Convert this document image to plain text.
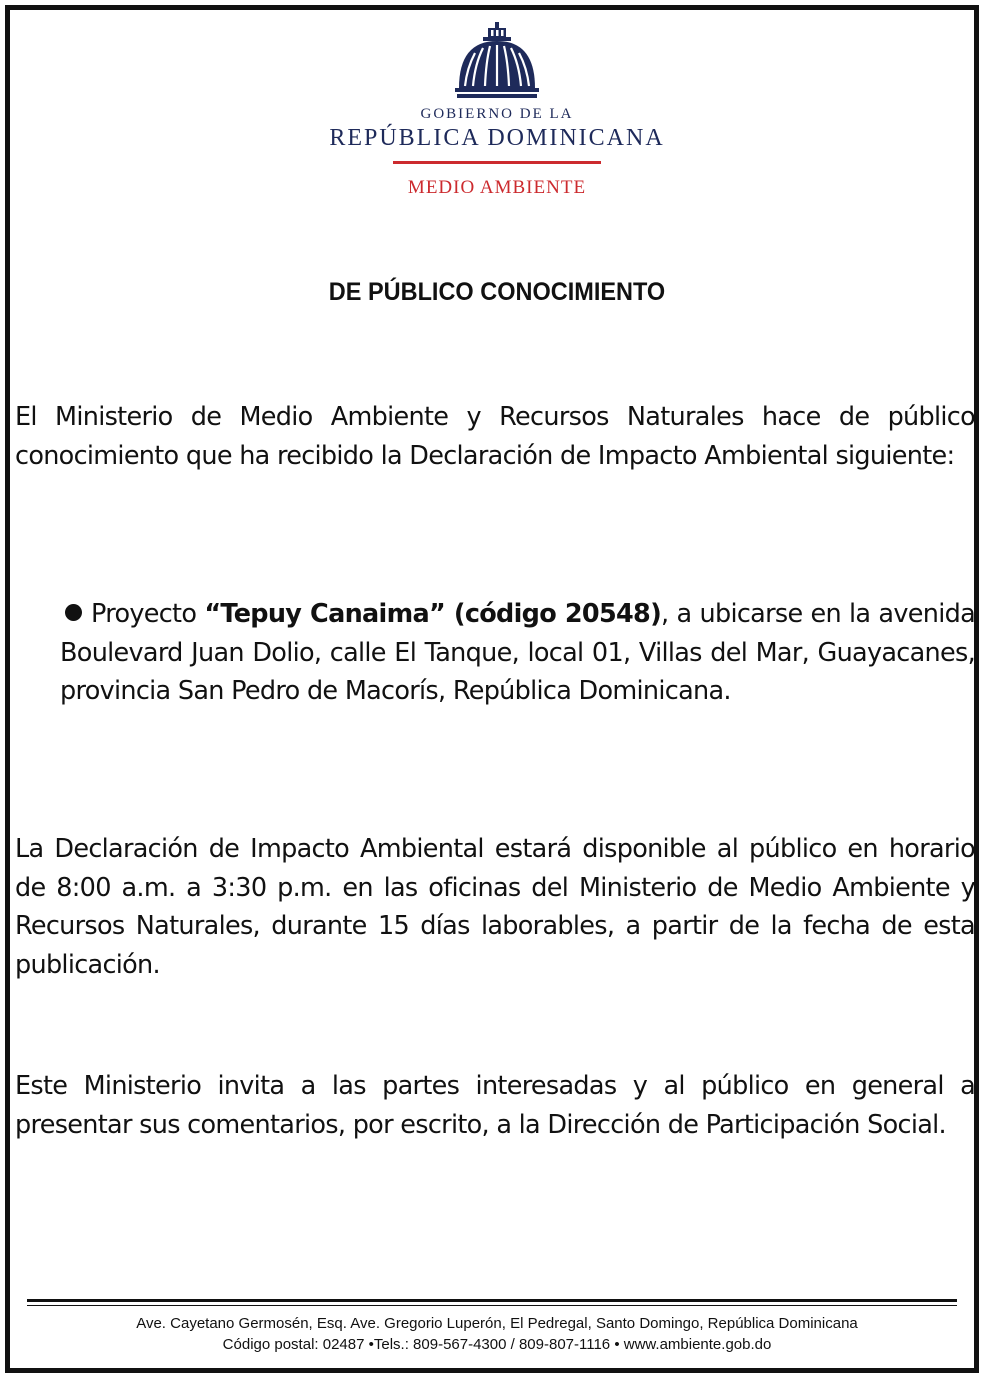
GOBIERNO DE LA
REPÚBLICA DOMINICANA
MEDIO AMBIENTE
DE PÚBLICO CONOCIMIENTO

El Ministerio de Medio Ambiente y Recursos Naturales hace de público conocimiento que ha recibido la Declaración de Impacto Ambiental siguiente:

Proyecto “Tepuy Canaima” (código 20548), a ubicarse en la avenida Boulevard Juan Dolio, calle El Tanque, local 01, Villas del Mar, Guayacanes, provincia San Pedro de Macorís, República Dominicana.

La Declaración de Impacto Ambiental estará disponible al público en horario de 8:00 a.m. a 3:30 p.m. en las oficinas del Ministerio de Medio Ambiente y Recursos Naturales, durante 15 días laborables, a partir de la fecha de esta publicación.

Este Ministerio invita a las partes interesadas y al público en general a presentar sus comentarios, por escrito, a la Dirección de Participación Social.

Ave. Cayetano Germosén, Esq. Ave. Gregorio Luperón, El Pedregal, Santo Domingo, República Dominicana
Código postal: 02487 •Tels.: 809-567-4300 / 809-807-1116 • www.ambiente.gob.do
